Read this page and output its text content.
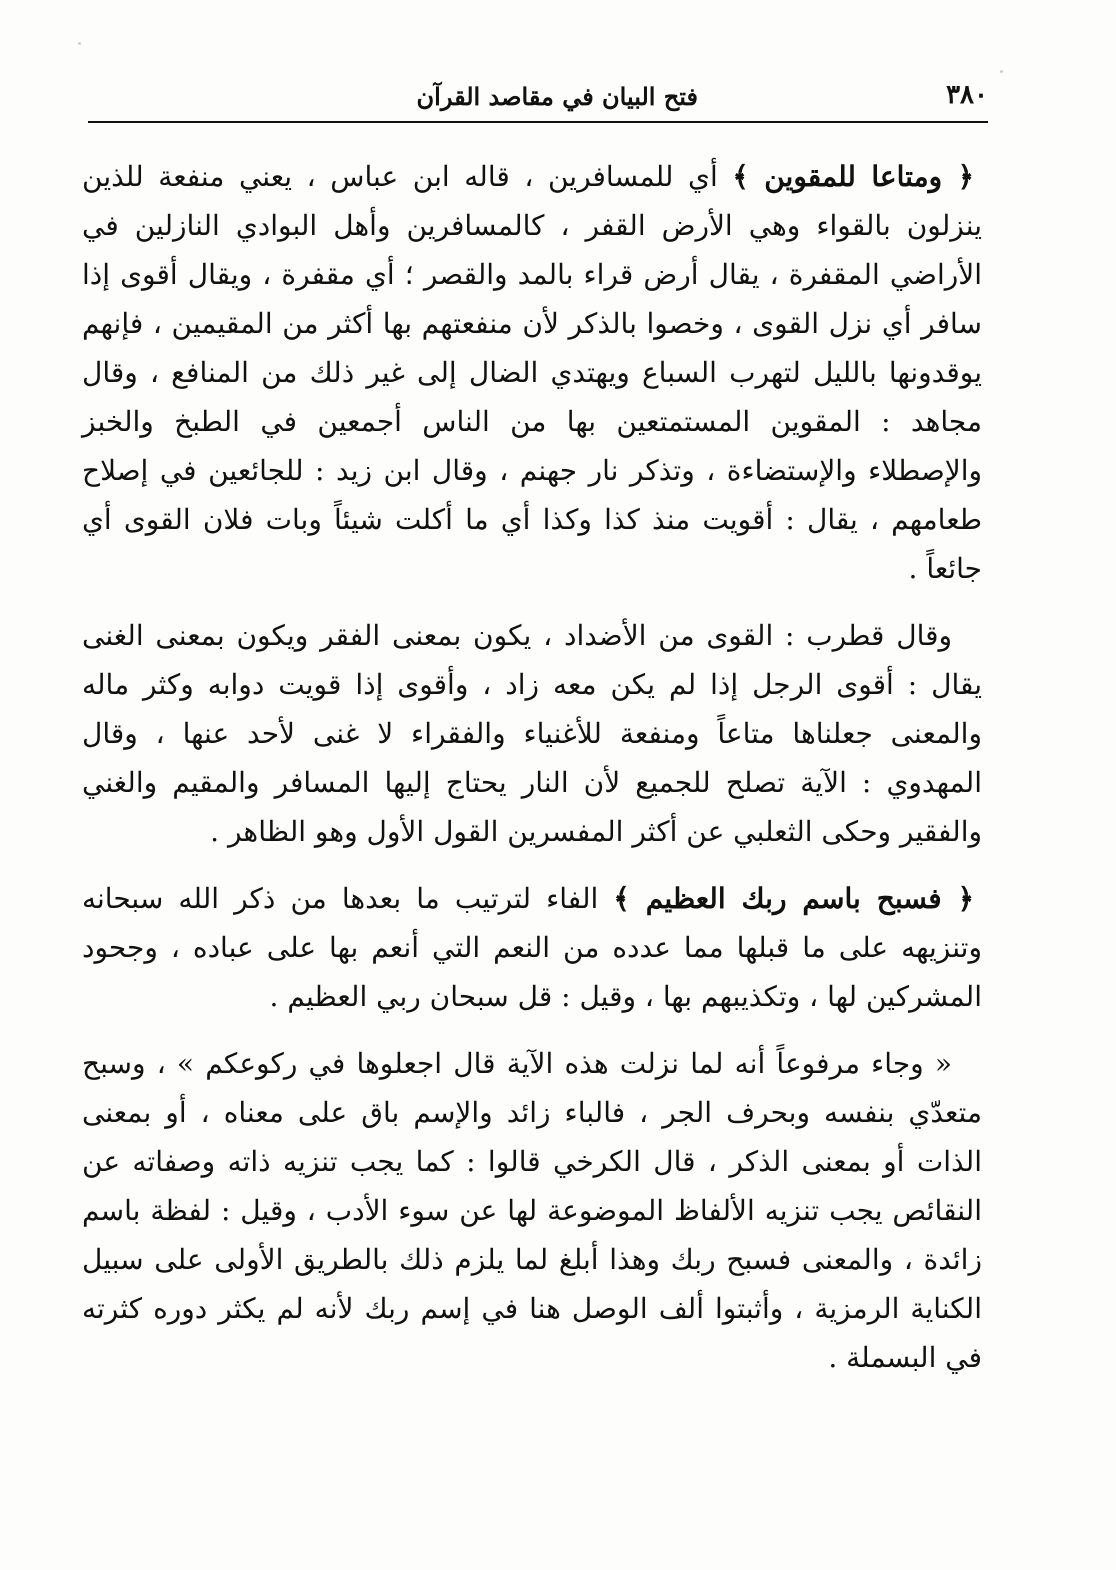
٣٨٠
فتح البيان في مقاصد القرآن

﴿ ومتاعا للمقوين ﴾ أي للمسافرين ، قاله ابن عباس ، يعني منفعة للذين ينزلون بالقواء وهي الأرض القفر ، كالمسافرين وأهل البوادي النازلين في الأراضي المقفرة ، يقال أرض قراء بالمد والقصر ؛ أي مقفرة ، ويقال أقوى إذا سافر أي نزل القوى ، وخصوا بالذكر لأن منفعتهم بها أكثر من المقيمين ، فإنهم يوقدونها بالليل لتهرب السباع ويهتدي الضال إلى غير ذلك من المنافع ، وقال مجاهد : المقوين المستمتعين بها من الناس أجمعين في الطبخ والخبز والإصطلاء والإستضاءة ، وتذكر نار جهنم ، وقال ابن زيد : للجائعين في إصلاح طعامهم ، يقال : أقويت منذ كذا وكذا أي ما أكلت شيئاً وبات فلان القوى أي جائعاً .

وقال قطرب : القوى من الأضداد ، يكون بمعنى الفقر ويكون بمعنى الغنى يقال : أقوى الرجل إذا لم يكن معه زاد ، وأقوى إذا قويت دوابه وكثر ماله والمعنى جعلناها متاعاً ومنفعة للأغنياء والفقراء لا غنى لأحد عنها ، وقال المهدوي : الآية تصلح للجميع لأن النار يحتاج إليها المسافر والمقيم والغني والفقير وحكى الثعلبي عن أكثر المفسرين القول الأول وهو الظاهر .

﴿ فسبح باسم ربك العظيم ﴾ الفاء لترتيب ما بعدها من ذكر الله سبحانه وتنزيهه على ما قبلها مما عدده من النعم التي أنعم بها على عباده ، وجحود المشركين لها ، وتكذيبهم بها ، وقيل : قل سبحان ربي العظيم .

« وجاء مرفوعاً أنه لما نزلت هذه الآية قال اجعلوها في ركوعكم » ، وسبح متعدّي بنفسه وبحرف الجر ، فالباء زائد والإسم باق على معناه ، أو بمعنى الذات أو بمعنى الذكر ، قال الكرخي قالوا : كما يجب تنزيه ذاته وصفاته عن النقائص يجب تنزيه الألفاظ الموضوعة لها عن سوء الأدب ، وقيل : لفظة باسم زائدة ، والمعنى فسبح ربك وهذا أبلغ لما يلزم ذلك بالطريق الأولى على سبيل الكناية الرمزية ، وأثبتوا ألف الوصل هنا في إسم ربك لأنه لم يكثر دوره كثرته في البسملة .
